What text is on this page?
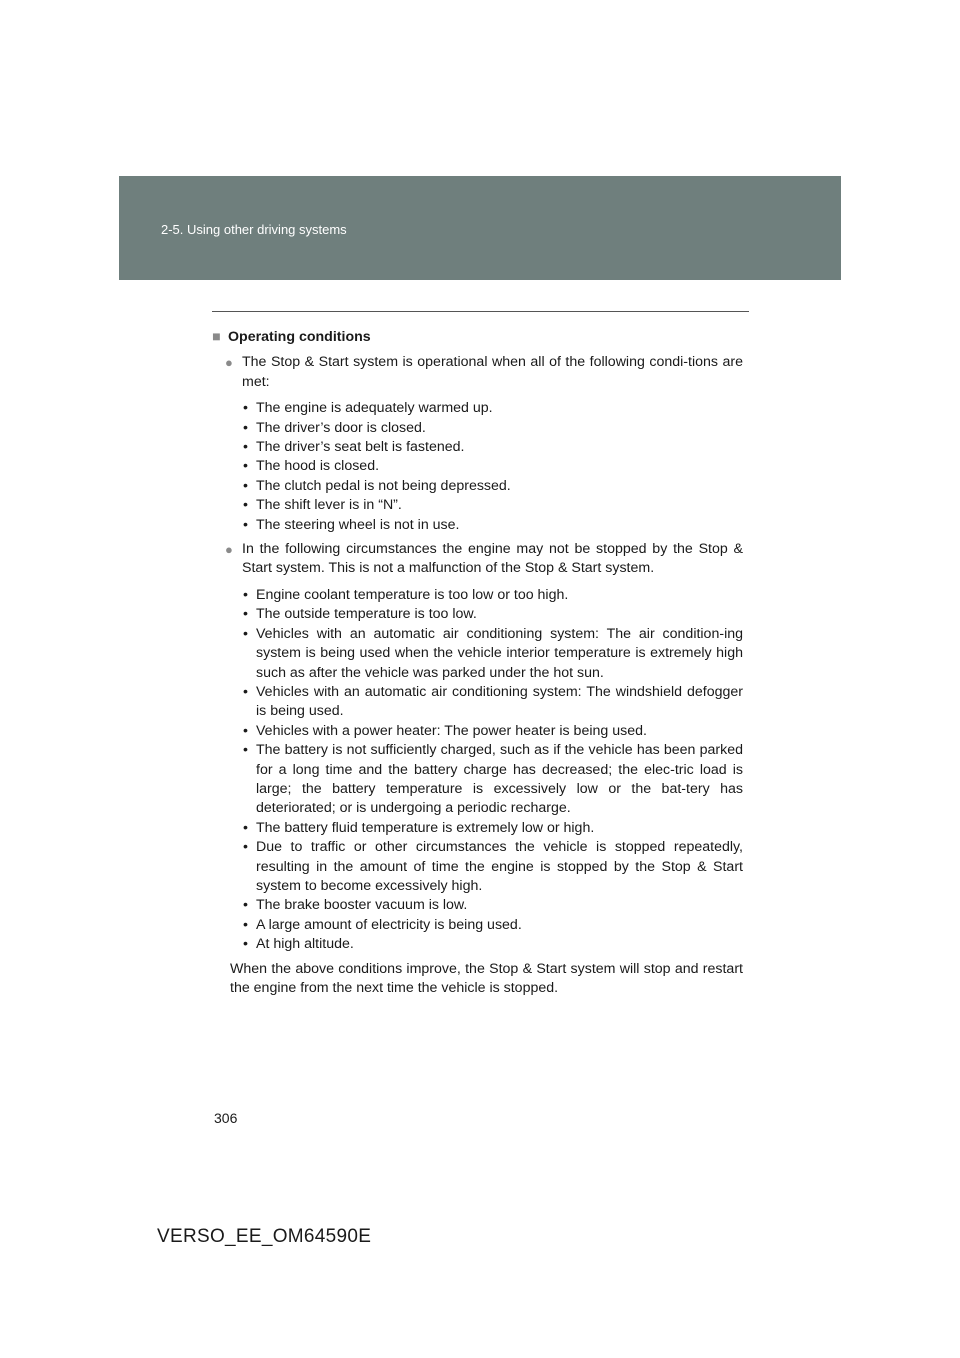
2-5. Using other driving systems
■ Operating conditions
● The Stop & Start system is operational when all of the following condi-tions are met:
• The engine is adequately warmed up.
• The driver’s door is closed.
• The driver’s seat belt is fastened.
• The hood is closed.
• The clutch pedal is not being depressed.
• The shift lever is in “N”.
• The steering wheel is not in use.
● In the following circumstances the engine may not be stopped by the Stop & Start system. This is not a malfunction of the Stop & Start system.
• Engine coolant temperature is too low or too high.
• The outside temperature is too low.
• Vehicles with an automatic air conditioning system: The air condition-ing system is being used when the vehicle interior temperature is extremely high such as after the vehicle was parked under the hot sun.
• Vehicles with an automatic air conditioning system: The windshield defogger is being used.
• Vehicles with a power heater: The power heater is being used.
• The battery is not sufficiently charged, such as if the vehicle has been parked for a long time and the battery charge has decreased; the elec-tric load is large; the battery temperature is excessively low or the bat-tery has deteriorated; or is undergoing a periodic recharge.
• The battery fluid temperature is extremely low or high.
• Due to traffic or other circumstances the vehicle is stopped repeatedly, resulting in the amount of time the engine is stopped by the Stop & Start system to become excessively high.
• The brake booster vacuum is low.
• A large amount of electricity is being used.
• At high altitude.
When the above conditions improve, the Stop & Start system will stop and restart the engine from the next time the vehicle is stopped.
306
VERSO_EE_OM64590E
